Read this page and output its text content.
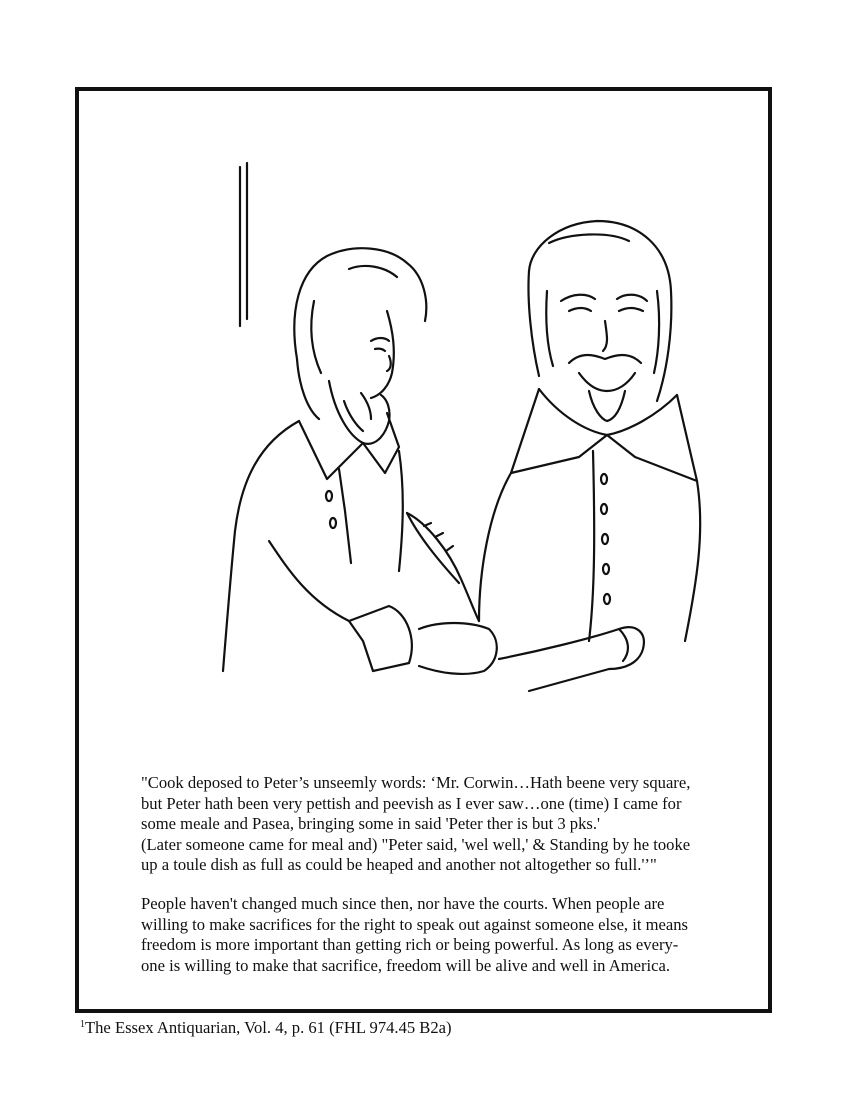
"Cook deposed to Peter’s unseemly words: ‘Mr. Corwin…Hath beene very square,

but Peter hath been very pettish and peevish as I ever saw…one (time) I came for

some meale and Pasea, bringing some in said 'Peter ther is but 3 pks.'

(Later someone came for meal and) "Peter said, 'wel well,' & Standing by he tooke

up a toule dish as full as could be heaped and another not altogether so full.'’"

People haven't changed much since then, nor have the courts. When people are

willing to make sacrifices for the right to speak out against someone else, it means

freedom is more important than getting rich or being powerful. As long as every-

one is willing to make that sacrifice, freedom will be alive and well in America.

$^1$The Essex Antiquarian, Vol. 4, p. 61 (FHL 974.45 B2a)
